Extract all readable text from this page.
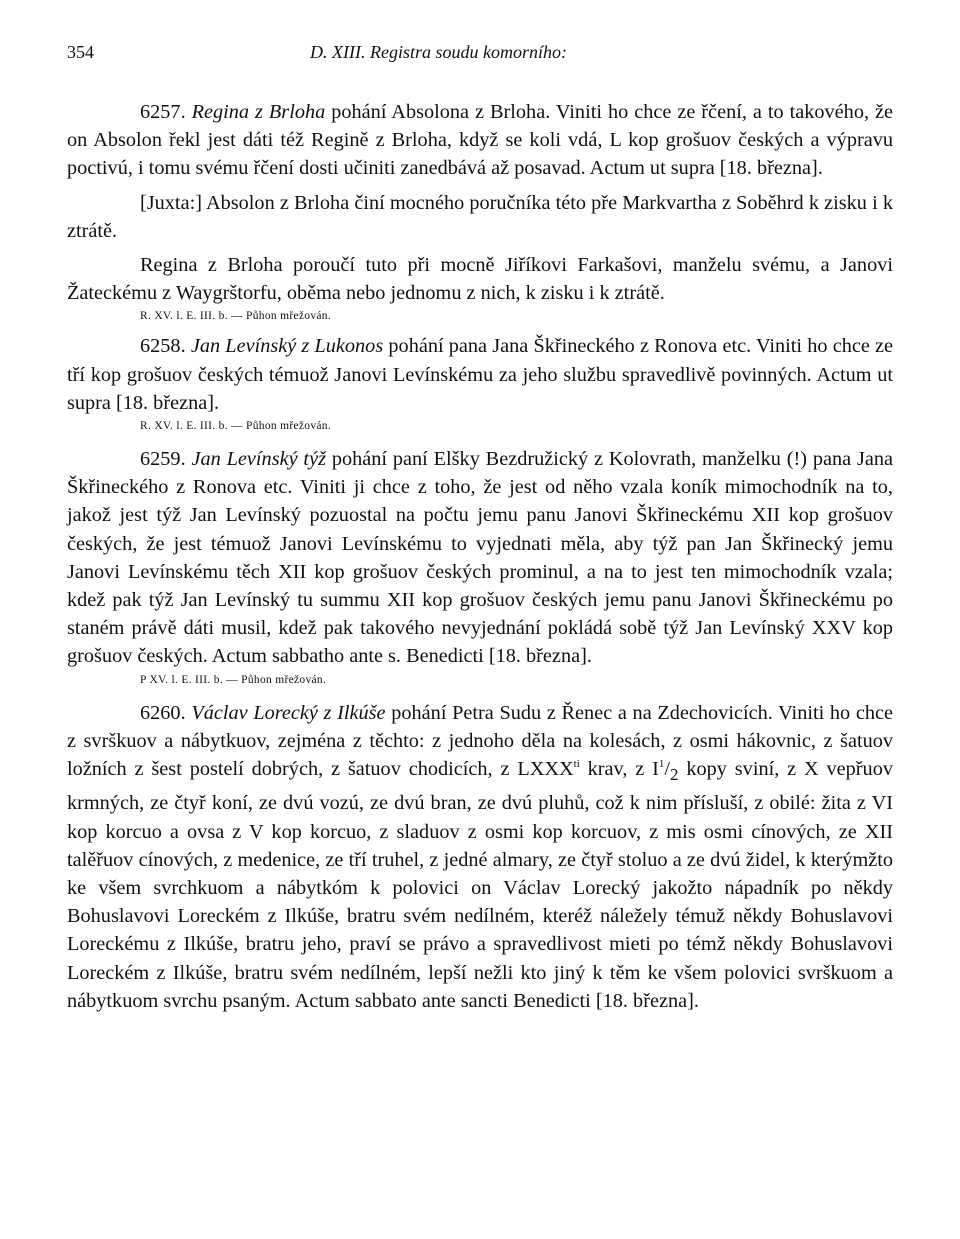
354	D. XIII. Registra soudu komorního:

6257. Regina z Brloha pohání Absolona z Brloha. Viniti ho chce ze řčení, a to takového, že on Absolon řekl jest dáti též Regině z Brloha, když se koli vdá, L kop grošuov českých a výpravu poctivú, i tomu svému řčení dosti učiniti zanedbává až posavad. Actum ut supra [18. března].

[Juxta:] Absolon z Brloha činí mocného poručníka této pře Markvartha z Soběhrd k zisku i k ztrátě.

Regina z Brloha poroučí tuto při mocně Jiříkovi Farkašovi, manželu svému, a Janovi Žateckému z Waygrštorfu, oběma nebo jednomu z nich, k zisku i k ztrátě.

R. XV. l. E. III. b. — Půhon mřežován.

6258. Jan Levínský z Lukonos pohání pana Jana Škřineckého z Ronova etc. Viniti ho chce ze tří kop grošuov českých témuož Janovi Levínskému za jeho službu spravedlivě povinných. Actum ut supra [18. března].

R. XV. l. E. III. b. — Půhon mřežován.

6259. Jan Levínský týž pohání paní Elšky Bezdružický z Kolovrath, manželku (!) pana Jana Škřineckého z Ronova etc. Viniti ji chce z toho, že jest od něho vzala koník mimochodník na to, jakož jest týž Jan Levínský pozuostal na počtu jemu panu Janovi Škřineckému XII kop grošuov českých, že jest témuož Janovi Levínskému to vyjednati měla, aby týž pan Jan Škřinecký jemu Janovi Levínskému těch XII kop grošuov českých prominul, a na to jest ten mimochodník vzala; kdež pak týž Jan Levínský tu summu XII kop grošuov českých jemu panu Janovi Škřineckému po staném právě dáti musil, kdež pak takového nevyjednání pokládá sobě týž Jan Levínský XXV kop grošuov českých. Actum sabbatho ante s. Benedicti [18. března].

P XV. l. E. III. b. — Půhon mřežován.

6260. Václav Lorecký z Ilkúše pohání Petra Sudu z Řenec a na Zdechovicích. Viniti ho chce z svrškuov a nábytkuov, zejména z těchto: z jednoho děla na kolesách, z osmi hákovnic, z šatuov ložních z šest postelí dobrých, z šatuov chodicích, z $LXXX^{ti}$ krav, z $I^1/_2$ kopy sviní, z X vepřuov krmných, ze čtyř koní, ze dvú vozú, ze dvú bran, ze dvú pluhů, což k nim přísluší, z obilé: žita z VI kop korcuo a ovsa z V kop korcuo, z sladuov z osmi kop korcuov, z mis osmi cínových, ze XII talěřuov cínových, z medenice, ze tří truhel, z jedné almary, ze čtyř stoluo a ze dvú židel, k kterýmžto ke všem svrchkuom a nábytkóm k polovici on Václav Lorecký jakožto nápadník po někdy Bohuslavovi Loreckém z Ilkúše, bratru svém nedílném, kteréž náležely témuž někdy Bohuslavovi Loreckému z Ilkúše, bratru jeho, praví se právo a spravedlivost mieti po témž někdy Bohuslavovi Loreckém z Ilkúše, bratru svém nedílném, lepší nežli kto jiný k těm ke všem polovici svrškuom a nábytkuom svrchu psaným. Actum sabbato ante sancti Benedicti [18. března].
